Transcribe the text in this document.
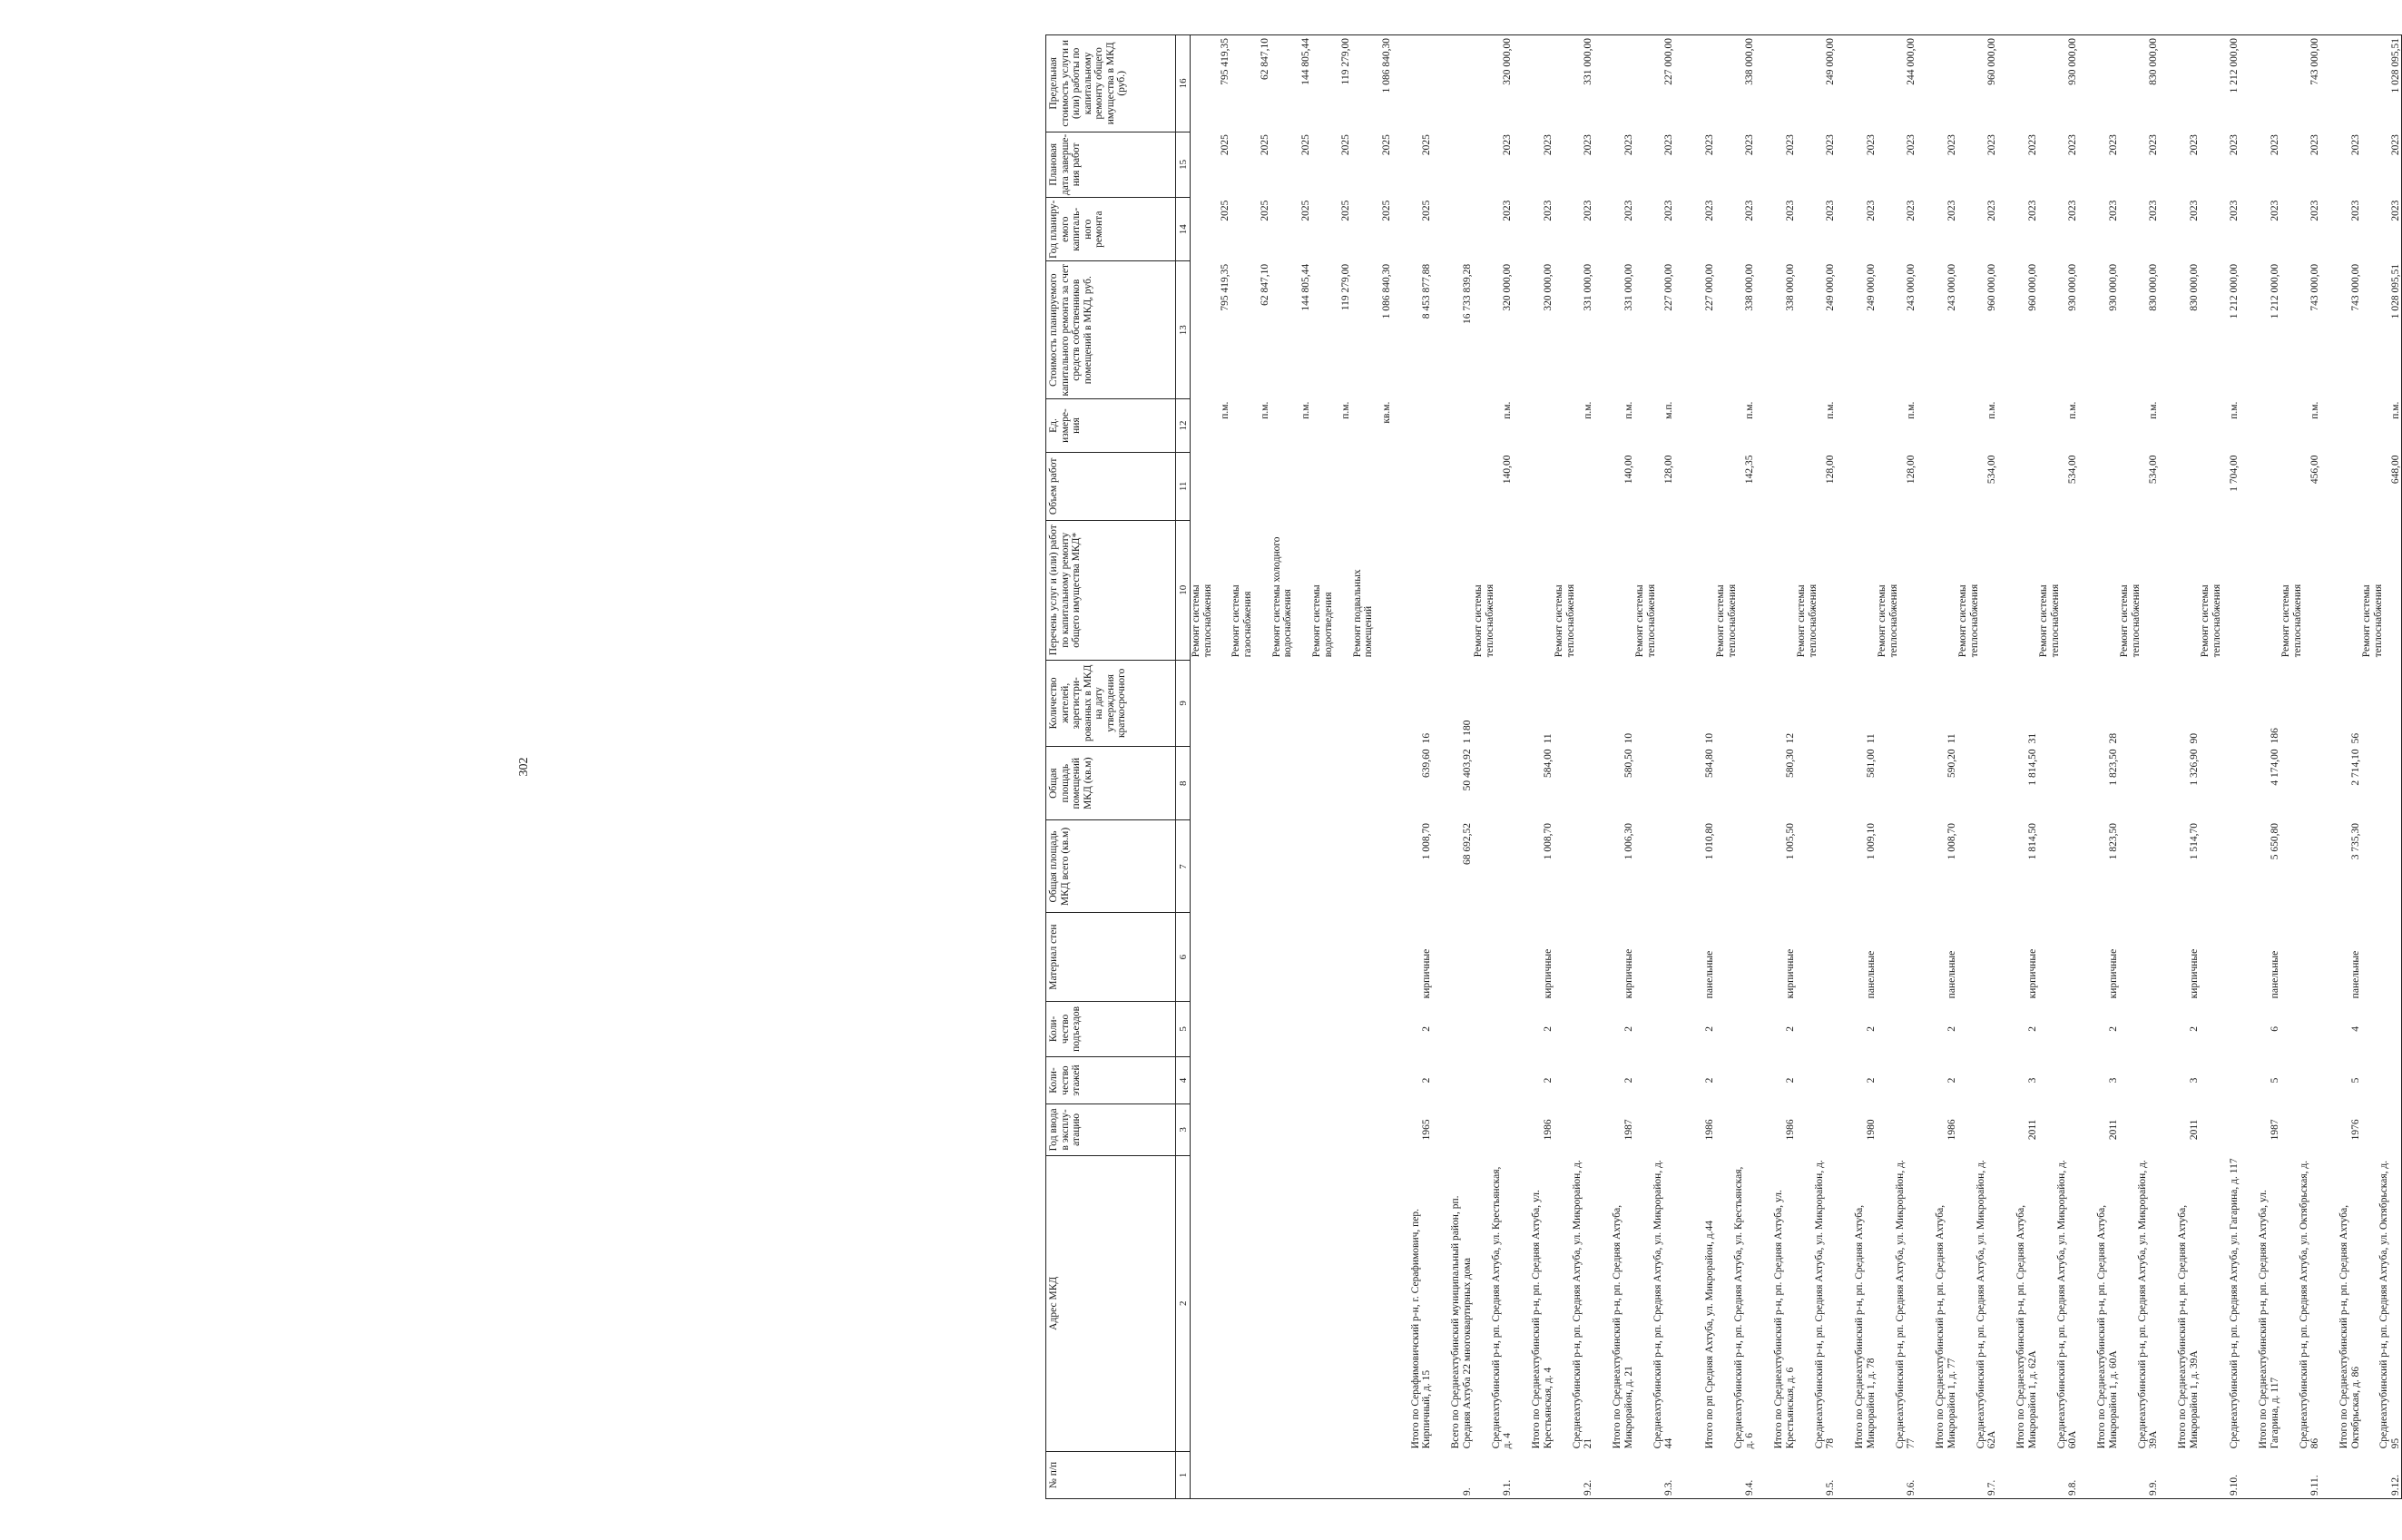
302
№ п/п	Адрес МКД	Год ввода в эксплу-атацию	Коли-чество этажей	Коли-чество подъездов	Материал стен	Общая площадь МКД всего (кв.м)	Общая площадь помещений МКД (кв.м)	Количество жителей, зарегистри-рованных в МКД на дату утверждения краткосрочного	Перечень услуг и (или) работ по капитальному ремонту общего имущества МКД*	Объем работ	Ед. измере-ния	Стоимость планируемого капитального ремонта за счет средств собственников помещений в МКД, руб.	Год планиру-емого капиталь-ного ремонта	Плановая дата заверше-ния работ	Предельная стоимость услуги и (или) работы по капитальному ремонту общего имущества в МКД (руб.)
1	2	3	4	5	6	7	8	9	10	11	12	13	14	15	16
									Ремонт системы теплоснабжения		п.м.	795 419,35	2025	2025	795 419,35
									Ремонт системы газоснабжения		п.м.	62 847,10	2025	2025	62 847,10
									Ремонт системы холодного водоснабжения		п.м.	144 805,44	2025	2025	144 805,44
									Ремонт системы водоотведения		п.м.	119 279,00	2025	2025	119 279,00
									Ремонт подвальных помещений		кв.м.	1 086 840,30	2025	2025	1 086 840,30
	Итого по Серафимовичский р-н, г. Серафимович, пер. Кирпичный, д. 15	1965	2	2	кирпичные	1 008,70	639,60	16				8 453 877,88	2025	2025	
9.	Всего по Среднеахтубинский муниципальный район, рп. Средняя Ахтуба 22 многоквартирных дома					68 692,52	50 403,92	1 180				16 733 839,28			
9.1.	Среднеахтубинский р-н, рп. Средняя Ахтуба, ул. Крестьянская, д. 4								Ремонт системы теплоснабжения	140,00	п.м.	320 000,00	2023	2023	320 000,00
	Итого по Среднеахтубинский р-н, рп. Средняя Ахтуба, ул. Крестьянская, д. 4	1986	2	2	кирпичные	1 008,70	584,00	11				320 000,00	2023	2023	
9.2.	Среднеахтубинский р-н, рп. Средняя Ахтуба, ул. Микрорайон, д. 21								Ремонт системы теплоснабжения		п.м.	331 000,00	2023	2023	331 000,00
	Итого по Среднеахтубинский р-н, рп. Средняя Ахтуба, Микрорайон, д. 21	1987	2	2	кирпичные	1 006,30	580,50	10		140,00	п.м.	331 000,00	2023	2023	
9.3.	Среднеахтубинский р-н, рп. Средняя Ахтуба, ул. Микрорайон, д. 44								Ремонт системы теплоснабжения	128,00	м.п.	227 000,00	2023	2023	227 000,00
	Итого по рп Средняя Ахтуба, ул. Микрорайон, д.44	1986	2	2	панельные	1 010,80	584,80	10				227 000,00	2023	2023	
9.4.	Среднеахтубинский р-н, рп. Средняя Ахтуба, ул. Крестьянская, д. 6								Ремонт системы теплоснабжения	142,35	п.м.	338 000,00	2023	2023	338 000,00
	Итого по Среднеахтубинский р-н, рп. Средняя Ахтуба, ул. Крестьянская, д. 6	1986	2	2	кирпичные	1 005,50	580,30	12				338 000,00	2023	2023	
9.5.	Среднеахтубинский р-н, рп. Средняя Ахтуба, ул. Микрорайон, д. 78								Ремонт системы теплоснабжения	128,00	п.м.	249 000,00	2023	2023	249 000,00
	Итого по Среднеахтубинский р-н, рп. Средняя Ахтуба, Микрорайон 1, д. 78	1980	2	2	панельные	1 009,10	581,00	11				249 000,00	2023	2023	
9.6.	Среднеахтубинский р-н, рп. Средняя Ахтуба, ул. Микрорайон, д. 77								Ремонт системы теплоснабжения	128,00	п.м.	243 000,00	2023	2023	244 000,00
	Итого по Среднеахтубинский р-н, рп. Средняя Ахтуба, Микрорайон 1, д. 77	1986	2	2	панельные	1 008,70	590,20	11				243 000,00	2023	2023	
9.7.	Среднеахтубинский р-н, рп. Средняя Ахтуба, ул. Микрорайон, д. 62А								Ремонт системы теплоснабжения	534,00	п.м.	960 000,00	2023	2023	960 000,00
	Итого по Среднеахтубинский р-н, рп. Средняя Ахтуба, Микрорайон 1, д. 62А	2011	3	2	кирпичные	1 814,50	1 814,50	31				960 000,00	2023	2023	
9.8.	Среднеахтубинский р-н, рп. Средняя Ахтуба, ул. Микрорайон, д. 60А								Ремонт системы теплоснабжения	534,00	п.м.	930 000,00	2023	2023	930 000,00
	Итого по Среднеахтубинский р-н, рп. Средняя Ахтуба, Микрорайон 1, д. 60А	2011	3	2	кирпичные	1 823,50	1 823,50	28				930 000,00	2023	2023	
9.9.	Среднеахтубинский р-н, рп. Средняя Ахтуба, ул. Микрорайон, д. 39А								Ремонт системы теплоснабжения	534,00	п.м.	830 000,00	2023	2023	830 000,00
	Итого по Среднеахтубинский р-н, рп. Средняя Ахтуба, Микрорайон 1, д. 39А	2011	3	2	кирпичные	1 514,70	1 326,90	90				830 000,00	2023	2023	
9.10.	Среднеахтубинский р-н, рп. Средняя Ахтуба, ул. Гагарина, д. 117								Ремонт системы теплоснабжения	1 704,00	п.м.	1 212 000,00	2023	2023	1 212 000,00
	Итого по Среднеахтубинский р-н, рп. Средняя Ахтуба, ул. Гагарина, д. 117	1987	5	6	панельные	5 650,80	4 174,00	186				1 212 000,00	2023	2023	
9.11.	Среднеахтубинский р-н, рп. Средняя Ахтуба, ул. Октябрьская, д. 86								Ремонт системы теплоснабжения	456,00	п.м.	743 000,00	2023	2023	743 000,00
	Итого по Среднеахтубинский р-н, рп. Средняя Ахтуба, Октябрьская, д. 86	1976	5	4	панельные	3 735,30	2 714,10	56				743 000,00	2023	2023	
9.12.	Среднеахтубинский р-н, рп. Средняя Ахтуба, ул. Октябрьская, д. 95								Ремонт системы теплоснабжения	648,00	п.м.	1 028 095,51	2023	2023	1 028 095,51
